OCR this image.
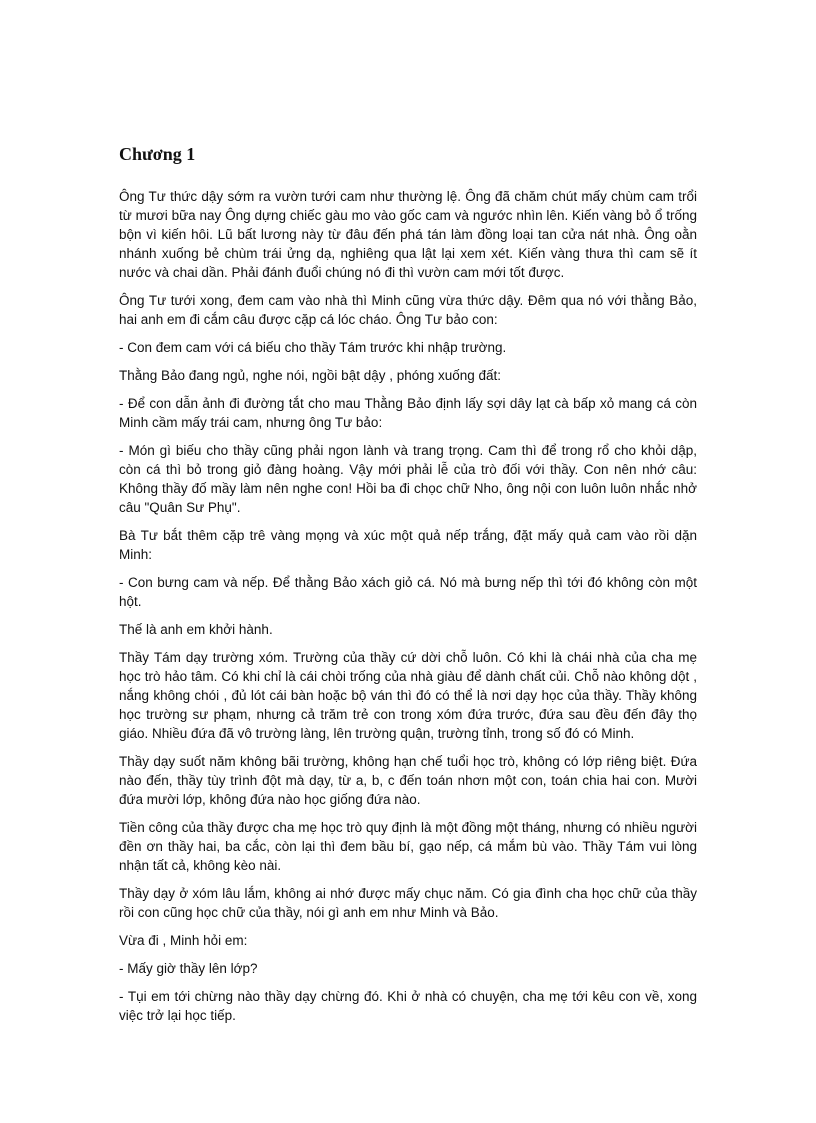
Chương 1

Ông Tư thức dậy sớm ra vườn tưới cam như thường lệ. Ông đã chăm chút mấy chùm cam trổi từ mươi bữa nay Ông dựng chiếc gàu mo vào gốc cam và ngước nhìn lên. Kiến vàng bỏ ổ trống bộn vì kiến hôi. Lũ bất lương này từ đâu đến phá tán làm đồng loại tan cửa nát nhà. Ông oằn nhánh xuống bẻ chùm trái ửng dạ, nghiêng qua lật lại xem xét. Kiến vàng thưa thì cam sẽ ít nước và chai dần. Phải đánh đuổi chúng nó đi thì vườn cam mới tốt được.

Ông Tư tưới xong, đem cam vào nhà thì Minh cũng vừa thức dậy. Đêm qua nó với thằng Bảo, hai anh em đi cắm câu được cặp cá lóc cháo. Ông Tư bảo con:

- Con đem cam với cá biếu cho thầy Tám trước khi nhập trường.

Thằng Bảo đang ngủ, nghe nói, ngồi bật dậy , phóng xuống đất:

- Để con dẫn ảnh đi đường tắt cho mau Thằng Bảo định lấy sợi dây lạt cà bấp xỏ mang cá còn Minh cầm mấy trái cam, nhưng ông Tư bảo:

- Món gì biếu cho thầy cũng phải ngon lành và trang trọng. Cam thì để trong rổ cho khỏi dập, còn cá thì bỏ trong giỏ đàng hoàng. Vậy mới phải lễ của trò đối với thầy. Con nên nhớ câu: Không thầy đố mầy làm nên nghe con! Hồi ba đi chọc chữ Nho, ông nội con luôn luôn nhắc nhở câu "Quân Sư Phụ".

Bà Tư bắt thêm cặp trê vàng mọng và xúc một quả nếp trắng, đặt mấy quả cam vào rồi dặn Minh:

- Con bưng cam và nếp. Để thằng Bảo xách giỏ cá. Nó mà bưng nếp thì tới đó không còn một hột.

Thế là anh em khởi hành.

Thầy Tám dạy trường xóm. Trường của thầy cứ dời chỗ luôn. Có khi là chái nhà của cha mẹ học trò hảo tâm. Có khi chỉ là cái chòi trống của nhà giàu để dành chất củi. Chỗ nào không dột , nắng không chói , đủ lót cái bàn hoặc bộ ván thì đó có thể là nơi dạy học của thầy. Thầy không học trường sư phạm, nhưng cả trăm trẻ con trong xóm đứa trước, đứa sau đều đến đây thọ giáo. Nhiều đứa đã vô trường làng, lên trường quận, trường tỉnh, trong số đó có Minh.

Thầy dạy suốt năm không bãi trường, không hạn chế tuổi học trò, không có lớp riêng biệt. Đứa nào đến, thầy tùy trình đột mà dạy, từ a, b, c đến toán nhơn một con, toán chia hai con. Mười đứa mười lớp, không đứa nào học giống đứa nào.

Tiền công của thầy được cha mẹ học trò quy định là một đồng một tháng, nhưng có nhiều người đền ơn thầy hai, ba cắc, còn lại thì đem bầu bí, gạo nếp, cá mắm bù vào. Thầy Tám vui lòng nhận tất cả, không kèo nài.

Thầy dạy ở xóm lâu lắm, không ai nhớ được mấy chục năm. Có gia đình cha học chữ của thầy rồi con cũng học chữ của thầy, nói gì anh em như Minh và Bảo.

Vừa đi , Minh hỏi em:

- Mấy giờ thầy lên lớp?

- Tụi em tới chừng nào thầy dạy chừng đó. Khi ở nhà có chuyện, cha mẹ tới kêu con về, xong việc trở lại học tiếp.
